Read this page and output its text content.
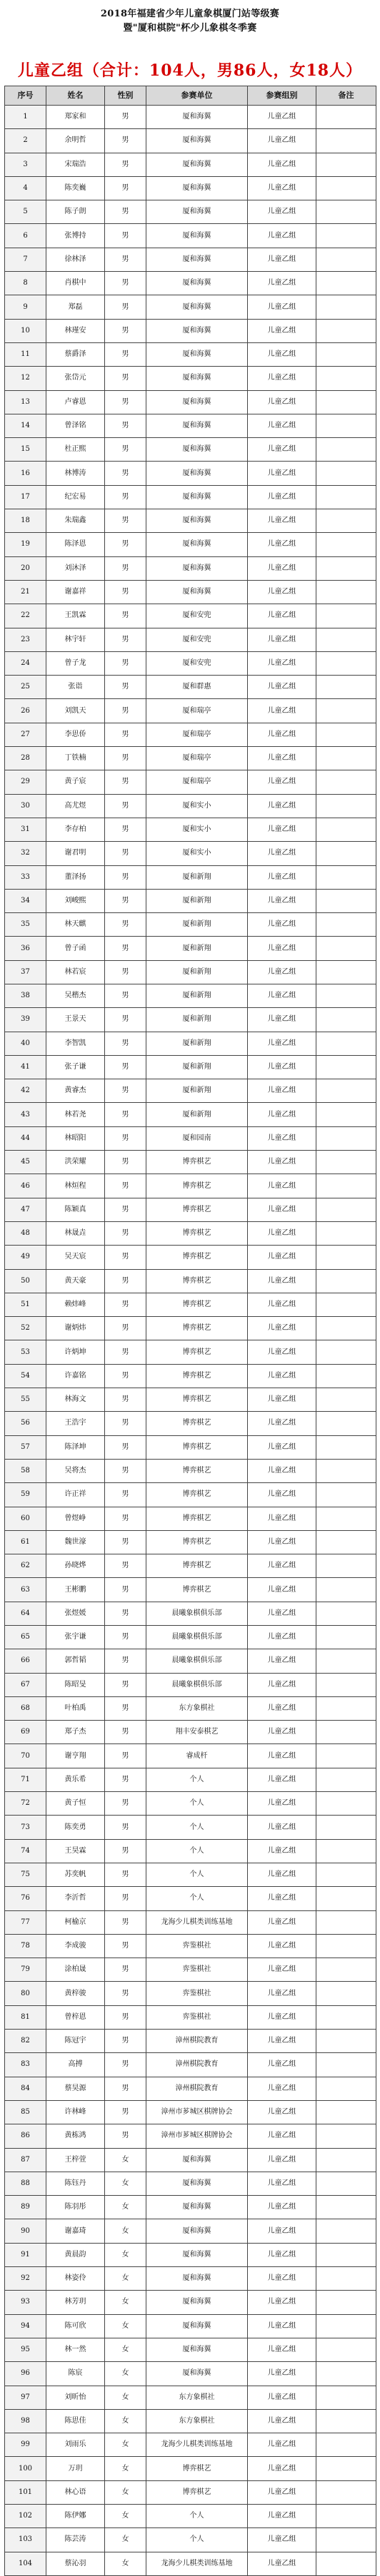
2018年福建省少年儿童象棋厦门站等级赛
暨"厦和棋院"杯少儿象棋冬季赛
儿童乙组（合计：104人，男86人，女18人）
序号	姓名	性别	参赛单位	参赛组别	备注
1	郑家和	男	厦和海翼	儿童乙组	
2	余明哲	男	厦和海翼	儿童乙组	
3	宋瑞浩	男	厦和海翼	儿童乙组	
4	陈奕巍	男	厦和海翼	儿童乙组	
5	陈子朗	男	厦和海翼	儿童乙组	
6	张博持	男	厦和海翼	儿童乙组	
7	徐林泽	男	厦和海翼	儿童乙组	
8	肖棋中	男	厦和海翼	儿童乙组	
9	郑磊	男	厦和海翼	儿童乙组	
10	林瑾安	男	厦和海翼	儿童乙组	
11	蔡爵泽	男	厦和海翼	儿童乙组	
12	张岱元	男	厦和海翼	儿童乙组	
13	卢睿恩	男	厦和海翼	儿童乙组	
14	曾泽铭	男	厦和海翼	儿童乙组	
15	杜正熙	男	厦和海翼	儿童乙组	
16	林博涛	男	厦和海翼	儿童乙组	
17	纪宏易	男	厦和海翼	儿童乙组	
18	朱瑞鑫	男	厦和海翼	儿童乙组	
19	陈泽恩	男	厦和海翼	儿童乙组	
20	刘沐泽	男	厦和海翼	儿童乙组	
21	谢嘉祥	男	厦和海翼	儿童乙组	
22	王凯霖	男	厦和安兜	儿童乙组	
23	林宇轩	男	厦和安兜	儿童乙组	
24	曾子龙	男	厦和安兜	儿童乙组	
25	张诣	男	厦和群惠	儿童乙组	
26	刘凯天	男	厦和瑞亭	儿童乙组	
27	李思侨	男	厦和瑞亭	儿童乙组	
28	丁铁楠	男	厦和瑞亭	儿童乙组	
29	黄子宸	男	厦和瑞亭	儿童乙组	
30	高尤煜	男	厦和实小	儿童乙组	
31	李存柏	男	厦和实小	儿童乙组	
32	谢君明	男	厦和实小	儿童乙组	
33	董泽扬	男	厦和新翔	儿童乙组	
34	刘峻熙	男	厦和新翔	儿童乙组	
35	林天麒	男	厦和新翔	儿童乙组	
36	曾子函	男	厦和新翔	儿童乙组	
37	林若宸	男	厦和新翔	儿童乙组	
38	吴楷杰	男	厦和新翔	儿童乙组	
39	王景天	男	厦和新翔	儿童乙组	
40	李智凯	男	厦和新翔	儿童乙组	
41	张子谦	男	厦和新翔	儿童乙组	
42	黄睿杰	男	厦和新翔	儿童乙组	
43	林若尧	男	厦和新翔	儿童乙组	
44	林昭阳	男	厦和园南	儿童乙组	
45	洪荣耀	男	博弈棋艺	儿童乙组	
46	林烜程	男	博弈棋艺	儿童乙组	
47	陈颖真	男	博弈棋艺	儿童乙组	
48	林晟垚	男	博弈棋艺	儿童乙组	
49	吴天宸	男	博弈棋艺	儿童乙组	
50	黄天豪	男	博弈棋艺	儿童乙组	
51	赖炜峰	男	博弈棋艺	儿童乙组	
52	谢炳炜	男	博弈棋艺	儿童乙组	
53	许炳坤	男	博弈棋艺	儿童乙组	
54	许嘉铭	男	博弈棋艺	儿童乙组	
55	林海文	男	博弈棋艺	儿童乙组	
56	王浩宇	男	博弈棋艺	儿童乙组	
57	陈泽坤	男	博弈棋艺	儿童乙组	
58	吴将杰	男	博弈棋艺	儿童乙组	
59	许正祥	男	博弈棋艺	儿童乙组	
60	曾煜峥	男	博弈棋艺	儿童乙组	
61	魏世濠	男	博弈棋艺	儿童乙组	
62	孙晓烨	男	博弈棋艺	儿童乙组	
63	王彬鹏	男	博弈棋艺	儿童乙组	
64	张煜媛	男	晨曦象棋俱乐部	儿童乙组	
65	张宇谦	男	晨曦象棋俱乐部	儿童乙组	
66	郭哲韬	男	晨曦象棋俱乐部	儿童乙组	
67	陈昭旻	男	晨曦象棋俱乐部	儿童乙组	
68	叶柏禹	男	东方象棋社	儿童乙组	
69	郑子杰	男	翔丰安泰棋艺	儿童乙组	
70	谢亨翔	男	睿成杆	儿童乙组	
71	黄乐希	男	个人	儿童乙组	
72	黄子恒	男	个人	儿童乙组	
73	陈奕勇	男	个人	儿童乙组	
74	王昊霖	男	个人	儿童乙组	
75	苏奕帆	男	个人	儿童乙组	
76	李沂哲	男	个人	儿童乙组	
77	柯榆京	男	龙海少儿棋类训练基地	儿童乙组	
78	李成骏	男	弈鉴棋社	儿童乙组	
79	涂柏晟	男	弈鉴棋社	儿童乙组	
80	黄梓骏	男	弈鉴棋社	儿童乙组	
81	曾梓恩	男	弈鉴棋社	儿童乙组	
82	陈冠宇	男	漳州棋院教育	儿童乙组	
83	高搏	男	漳州棋院教育	儿童乙组	
84	蔡昊源	男	漳州棋院教育	儿童乙组	
85	许林峰	男	漳州市芗城区棋牌协会	儿童乙组	
86	黄栋鸿	男	漳州市芗城区棋牌协会	儿童乙组	
87	王梓萱	女	厦和海翼	儿童乙组	
88	陈钰丹	女	厦和海翼	儿童乙组	
89	陈羽彤	女	厦和海翼	儿童乙组	
90	谢嘉琦	女	厦和海翼	儿童乙组	
91	黄晨韵	女	厦和海翼	儿童乙组	
92	林姿伶	女	厦和海翼	儿童乙组	
93	林芳玥	女	厦和海翼	儿童乙组	
94	陈可欣	女	厦和海翼	儿童乙组	
95	林一然	女	厦和海翼	儿童乙组	
96	陈宸	女	厦和海翼	儿童乙组	
97	刘昕怡	女	东方象棋社	儿童乙组	
98	陈思佳	女	东方象棋社	儿童乙组	
99	刘雨乐	女	龙海少儿棋类训练基地	儿童乙组	
100	万玥	女	博弈棋艺	儿童乙组	
101	林心语	女	博弈棋艺	儿童乙组	
102	陈伊娜	女	个人	儿童乙组	
103	陈芸涛	女	个人	儿童乙组	
104	蔡沁羽	女	龙海少儿棋类训练基地	儿童乙组	
